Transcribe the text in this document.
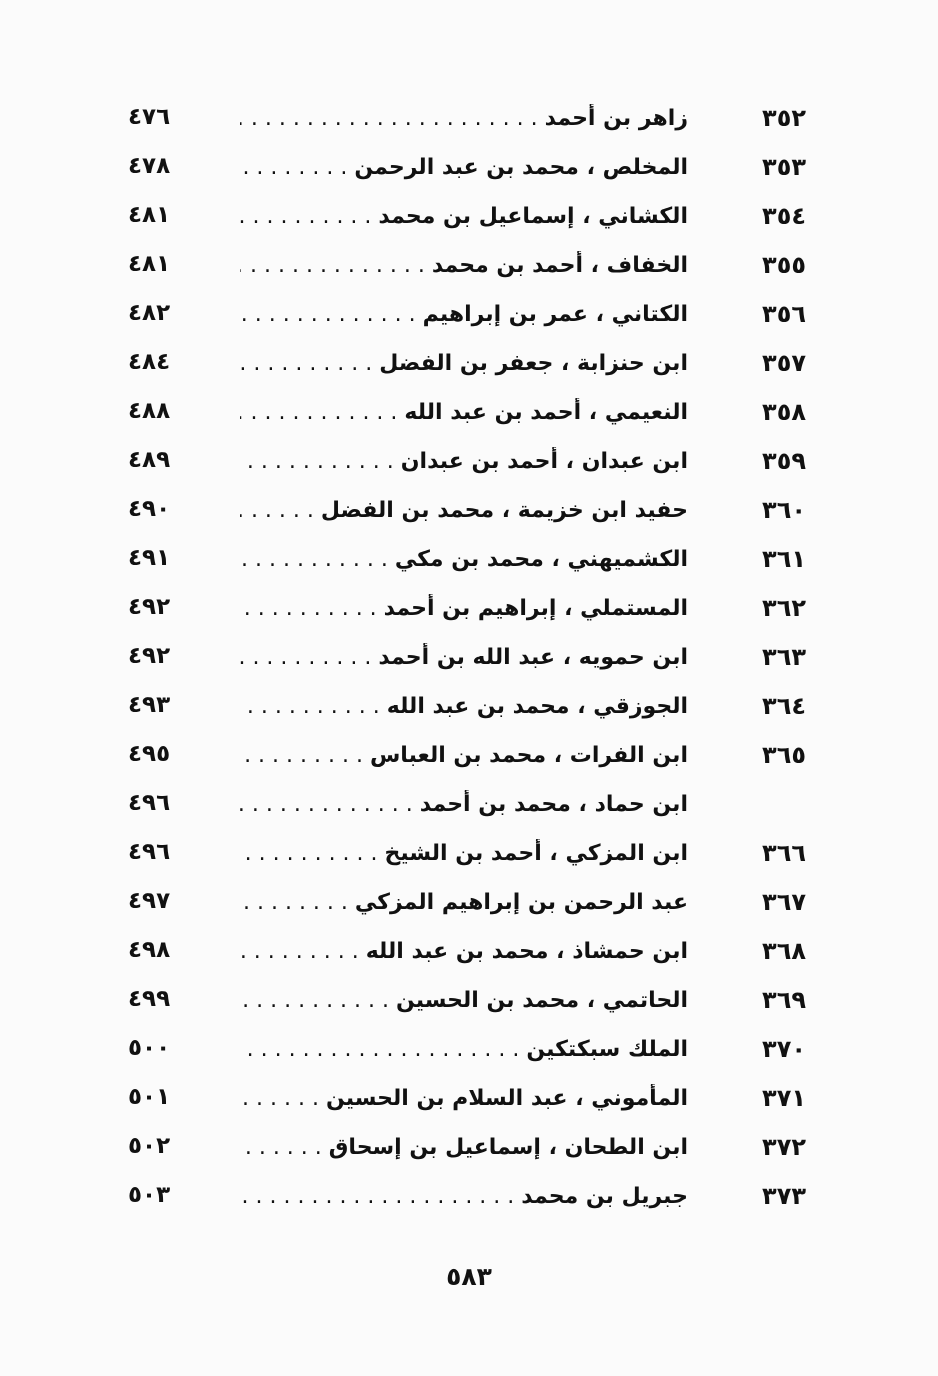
٣٥٢
زاهر بن أحمد . . .
٤٧٦
٣٥٣
المخلص ، محمد بن عبد الرحمن . . .
٤٧٨
٣٥٤
الكشاني ، إسماعيل بن محمد . . .
٤٨١
٣٥٥
الخفاف ، أحمد بن محمد . . .
٤٨١
٣٥٦
الكتاني ، عمر بن إبراهيم . . .
٤٨٢
٣٥٧
ابن حنزابة ، جعفر بن الفضل . . .
٤٨٤
٣٥٨
النعيمي ، أحمد بن عبد الله . . .
٤٨٨
٣٥٩
ابن عبدان ، أحمد بن عبدان . . .
٤٨٩
٣٦٠
حفيد ابن خزيمة ، محمد بن الفضل . . .
٤٩٠
٣٦١
الكشميهني ، محمد بن مكي . . .
٤٩١
٣٦٢
المستملي ، إبراهيم بن أحمد . . .
٤٩٢
٣٦٣
ابن حمويه ، عبد الله بن أحمد . . .
٤٩٢
٣٦٤
الجوزقي ، محمد بن عبد الله . . .
٤٩٣
٣٦٥
ابن الفرات ، محمد بن العباس . . .
٤٩٥
ابن حماد ، محمد بن أحمد . . .
٤٩٦
٣٦٦
ابن المزكي ، أحمد بن الشيخ . . .
٤٩٦
٣٦٧
عبد الرحمن بن إبراهيم المزكي . . .
٤٩٧
٣٦٨
ابن حمشاذ ، محمد بن عبد الله . . .
٤٩٨
٣٦٩
الحاتمي ، محمد بن الحسين . . .
٤٩٩
٣٧٠
الملك سبكتكين . . .
٥٠٠
٣٧١
المأموني ، عبد السلام بن الحسين . . .
٥٠١
٣٧٢
ابن الطحان ، إسماعيل بن إسحاق . . .
٥٠٢
٣٧٣
جبريل بن محمد . . .
٥٠٣
٥٨٣
